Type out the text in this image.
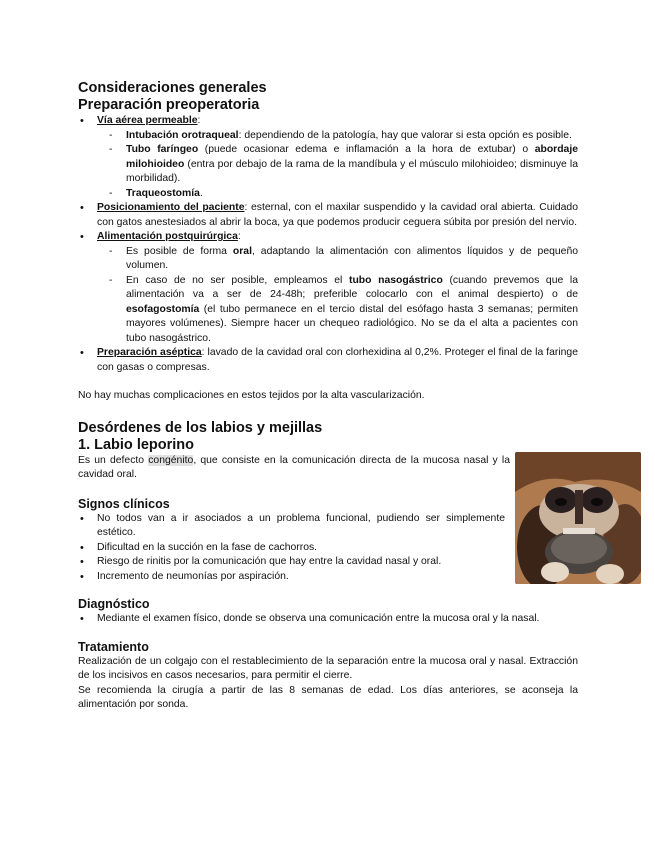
Consideraciones generales
Preparación preoperatoria
• Vía aérea permeable:
- Intubación orotraqueal: dependiendo de la patología, hay que valorar si esta opción es posible.
- Tubo faríngeo (puede ocasionar edema e inflamación a la hora de extubar) o abordaje milohioideo (entra por debajo de la rama de la mandíbula y el músculo milohioideo; disminuye la morbilidad).
- Traqueostomía.
• Posicionamiento del paciente: esternal, con el maxilar suspendido y la cavidad oral abierta. Cuidado con gatos anestesiados al abrir la boca, ya que podemos producir ceguera súbita por presión del nervio.
• Alimentación postquirúrgica:
- Es posible de forma oral, adaptando la alimentación con alimentos líquidos y de pequeño volumen.
- En caso de no ser posible, empleamos el tubo nasogástrico (cuando prevemos que la alimentación va a ser de 24-48h; preferible colocarlo con el animal despierto) o de esofagostomía (el tubo permanece en el tercio distal del esófago hasta 3 semanas; permiten mayores volúmenes). Siempre hacer un chequeo radiológico. No se da el alta a pacientes con tubo nasogástrico.
• Preparación aséptica: lavado de la cavidad oral con clorhexidina al 0,2%. Proteger el final de la faringe con gasas o compresas.

No hay muchas complicaciones en estos tejidos por la alta vascularización.

Desórdenes de los labios y mejillas
1. Labio leporino

Es un defecto congénito, que consiste en la comunicación directa de la mucosa nasal y la cavidad oral.

Signos clínicos
• No todos van a ir asociados a un problema funcional, pudiendo ser simplemente estético.
• Dificultad en la succión en la fase de cachorros.
• Riesgo de rinitis por la comunicación que hay entre la cavidad nasal y oral.
• Incremento de neumonías por aspiración.
Diagnóstico
• Mediante el examen físico, donde se observa una comunicación entre la mucosa oral y la nasal.
Tratamiento

Realización de un colgajo con el restablecimiento de la separación entre la mucosa oral y nasal. Extracción de los incisivos en casos necesarios, para permitir el cierre.

Se recomienda la cirugía a partir de las 8 semanas de edad. Los días anteriores, se aconseja la alimentación por sonda.
